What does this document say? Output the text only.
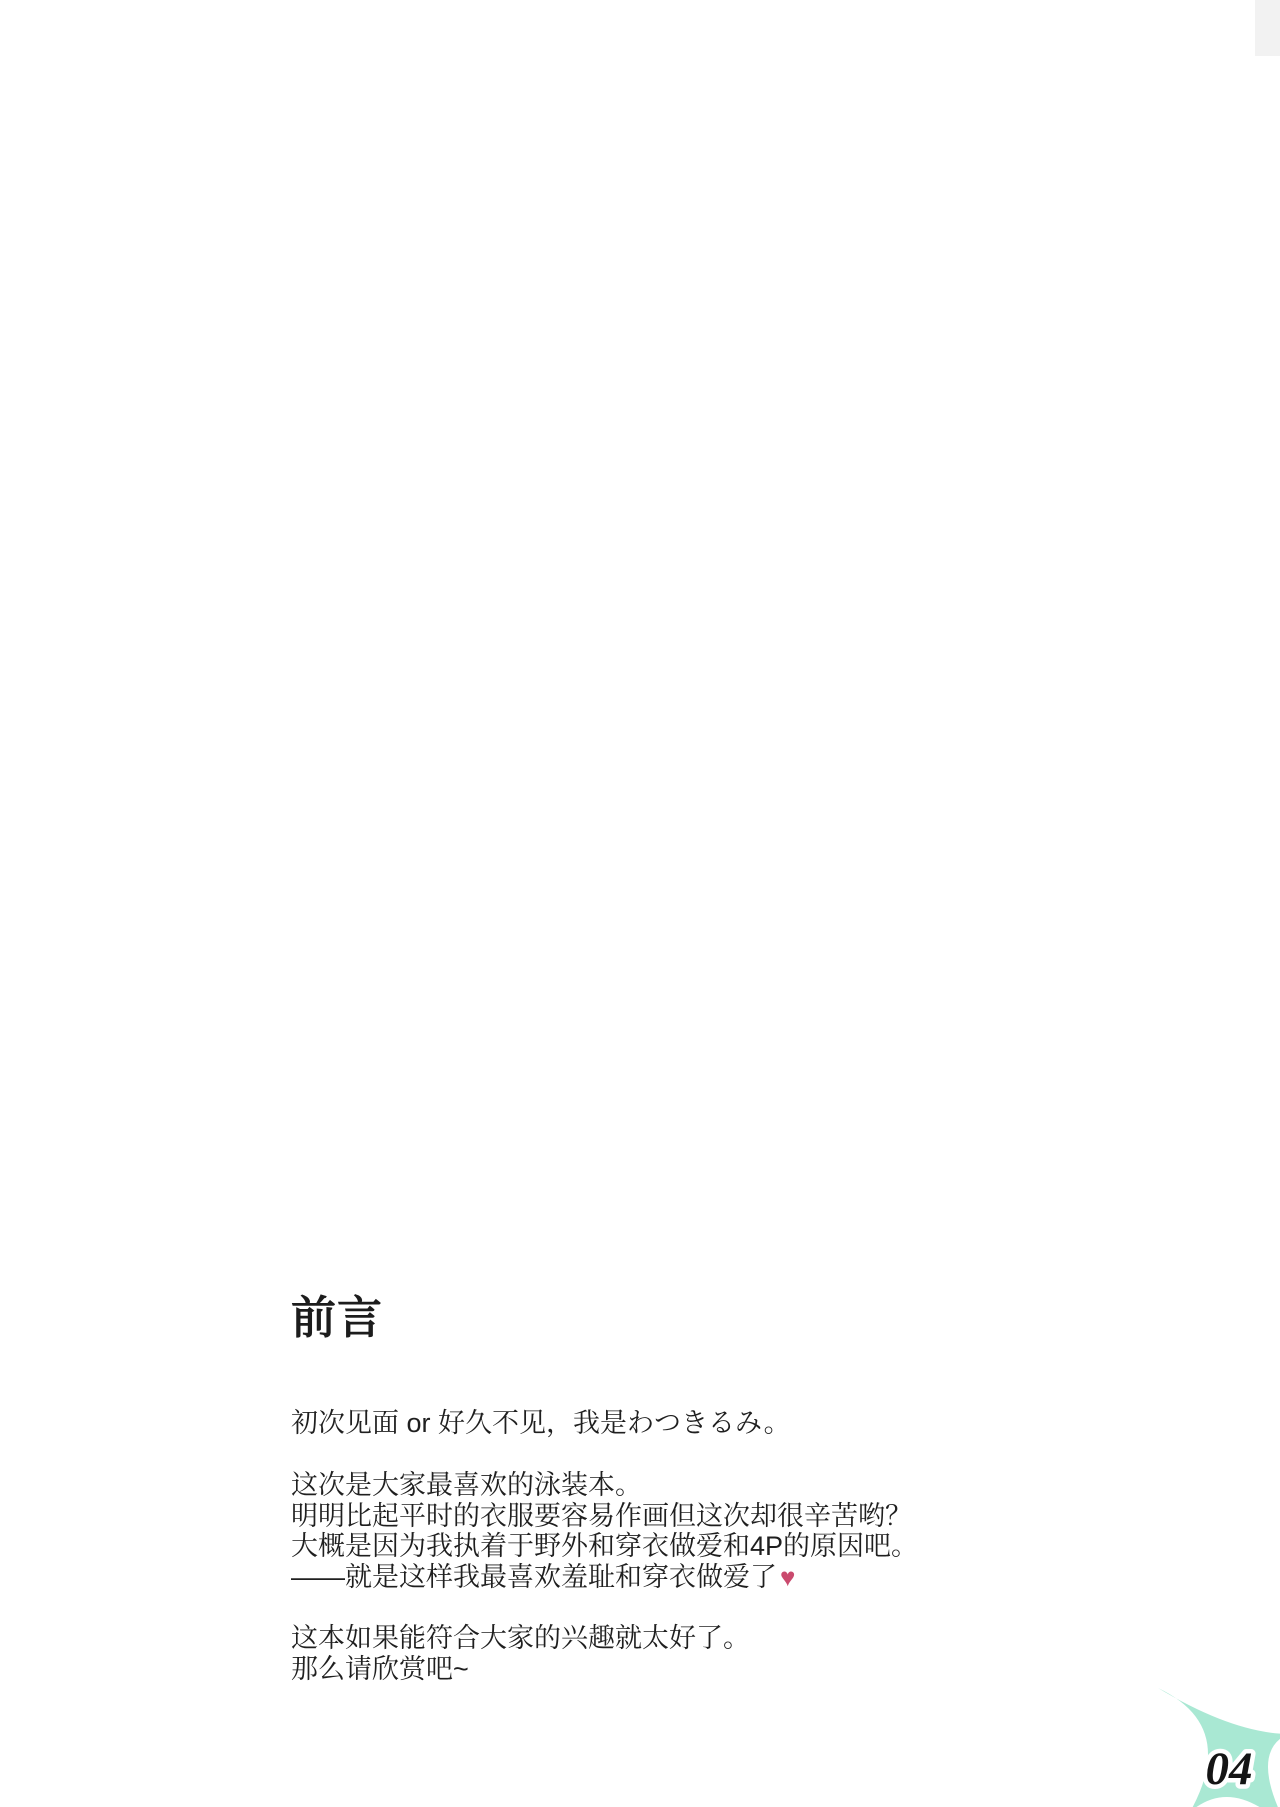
前言

初次见面 or 好久不见，我是わつきるみ。

这次是大家最喜欢的泳装本。
明明比起平时的衣服要容易作画但这次却很辛苦哟？
大概是因为我执着于野外和穿衣做爱和4P的原因吧。
——就是这样我最喜欢羞耻和穿衣做爱了 ♥

这本如果能符合大家的兴趣就太好了。
那么请欣赏吧~

04
